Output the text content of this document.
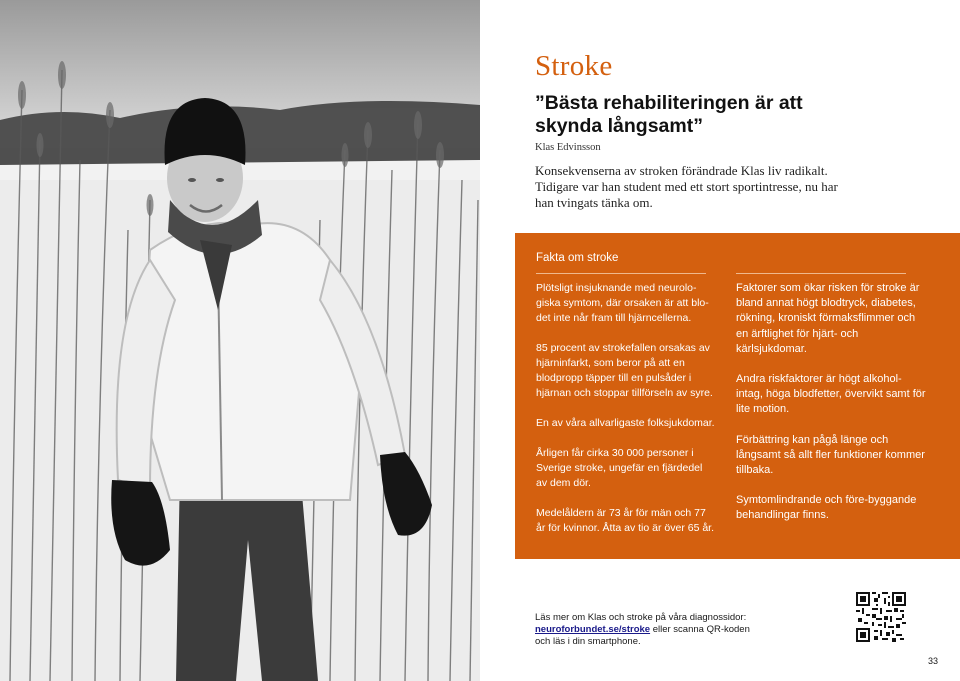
Stroke
”Bästa rehabiliteringen är att skynda långsamt”
Klas Edvinsson
Konsekvenserna av stroken förändrade Klas liv radikalt. Tidigare var han student med ett stort sportintresse, nu har han tvingats tänka om.
Fakta om stroke

Plötsligt insjuknande med neurolo-giska symtom, där orsaken är att blo-det inte når fram till hjärncellerna.

85 procent av strokefallen orsakas av hjärninfarkt, som beror på att en blodpropp täpper till en pulsåder i hjärnan och stoppar tillförseln av syre.

En av våra allvarligaste folksjukdomar.

Årligen får cirka 30 000 personer i Sverige stroke, ungefär en fjärdedel av dem dör.

Medelåldern är 73 år för män och 77 år för kvinnor. Åtta av tio är över 65 år.

Faktorer som ökar risken för stroke är bland annat högt blodtryck, diabetes, rökning, kroniskt förmaksflimmer och en ärftlighet för hjärt- och kärlsjukdomar.

Andra riskfaktorer är högt alkohol-intag, höga blodfetter, övervikt samt för lite motion.

Förbättring kan pågå länge och långsamt så allt fler funktioner kommer tillbaka.

Symtomlindrande och före-byggande behandlingar finns.

Läs mer om Klas och stroke på våra diagnossidor:
neuroforbundet.se/stroke eller scanna QR-koden
och läs i din smartphone.
33
